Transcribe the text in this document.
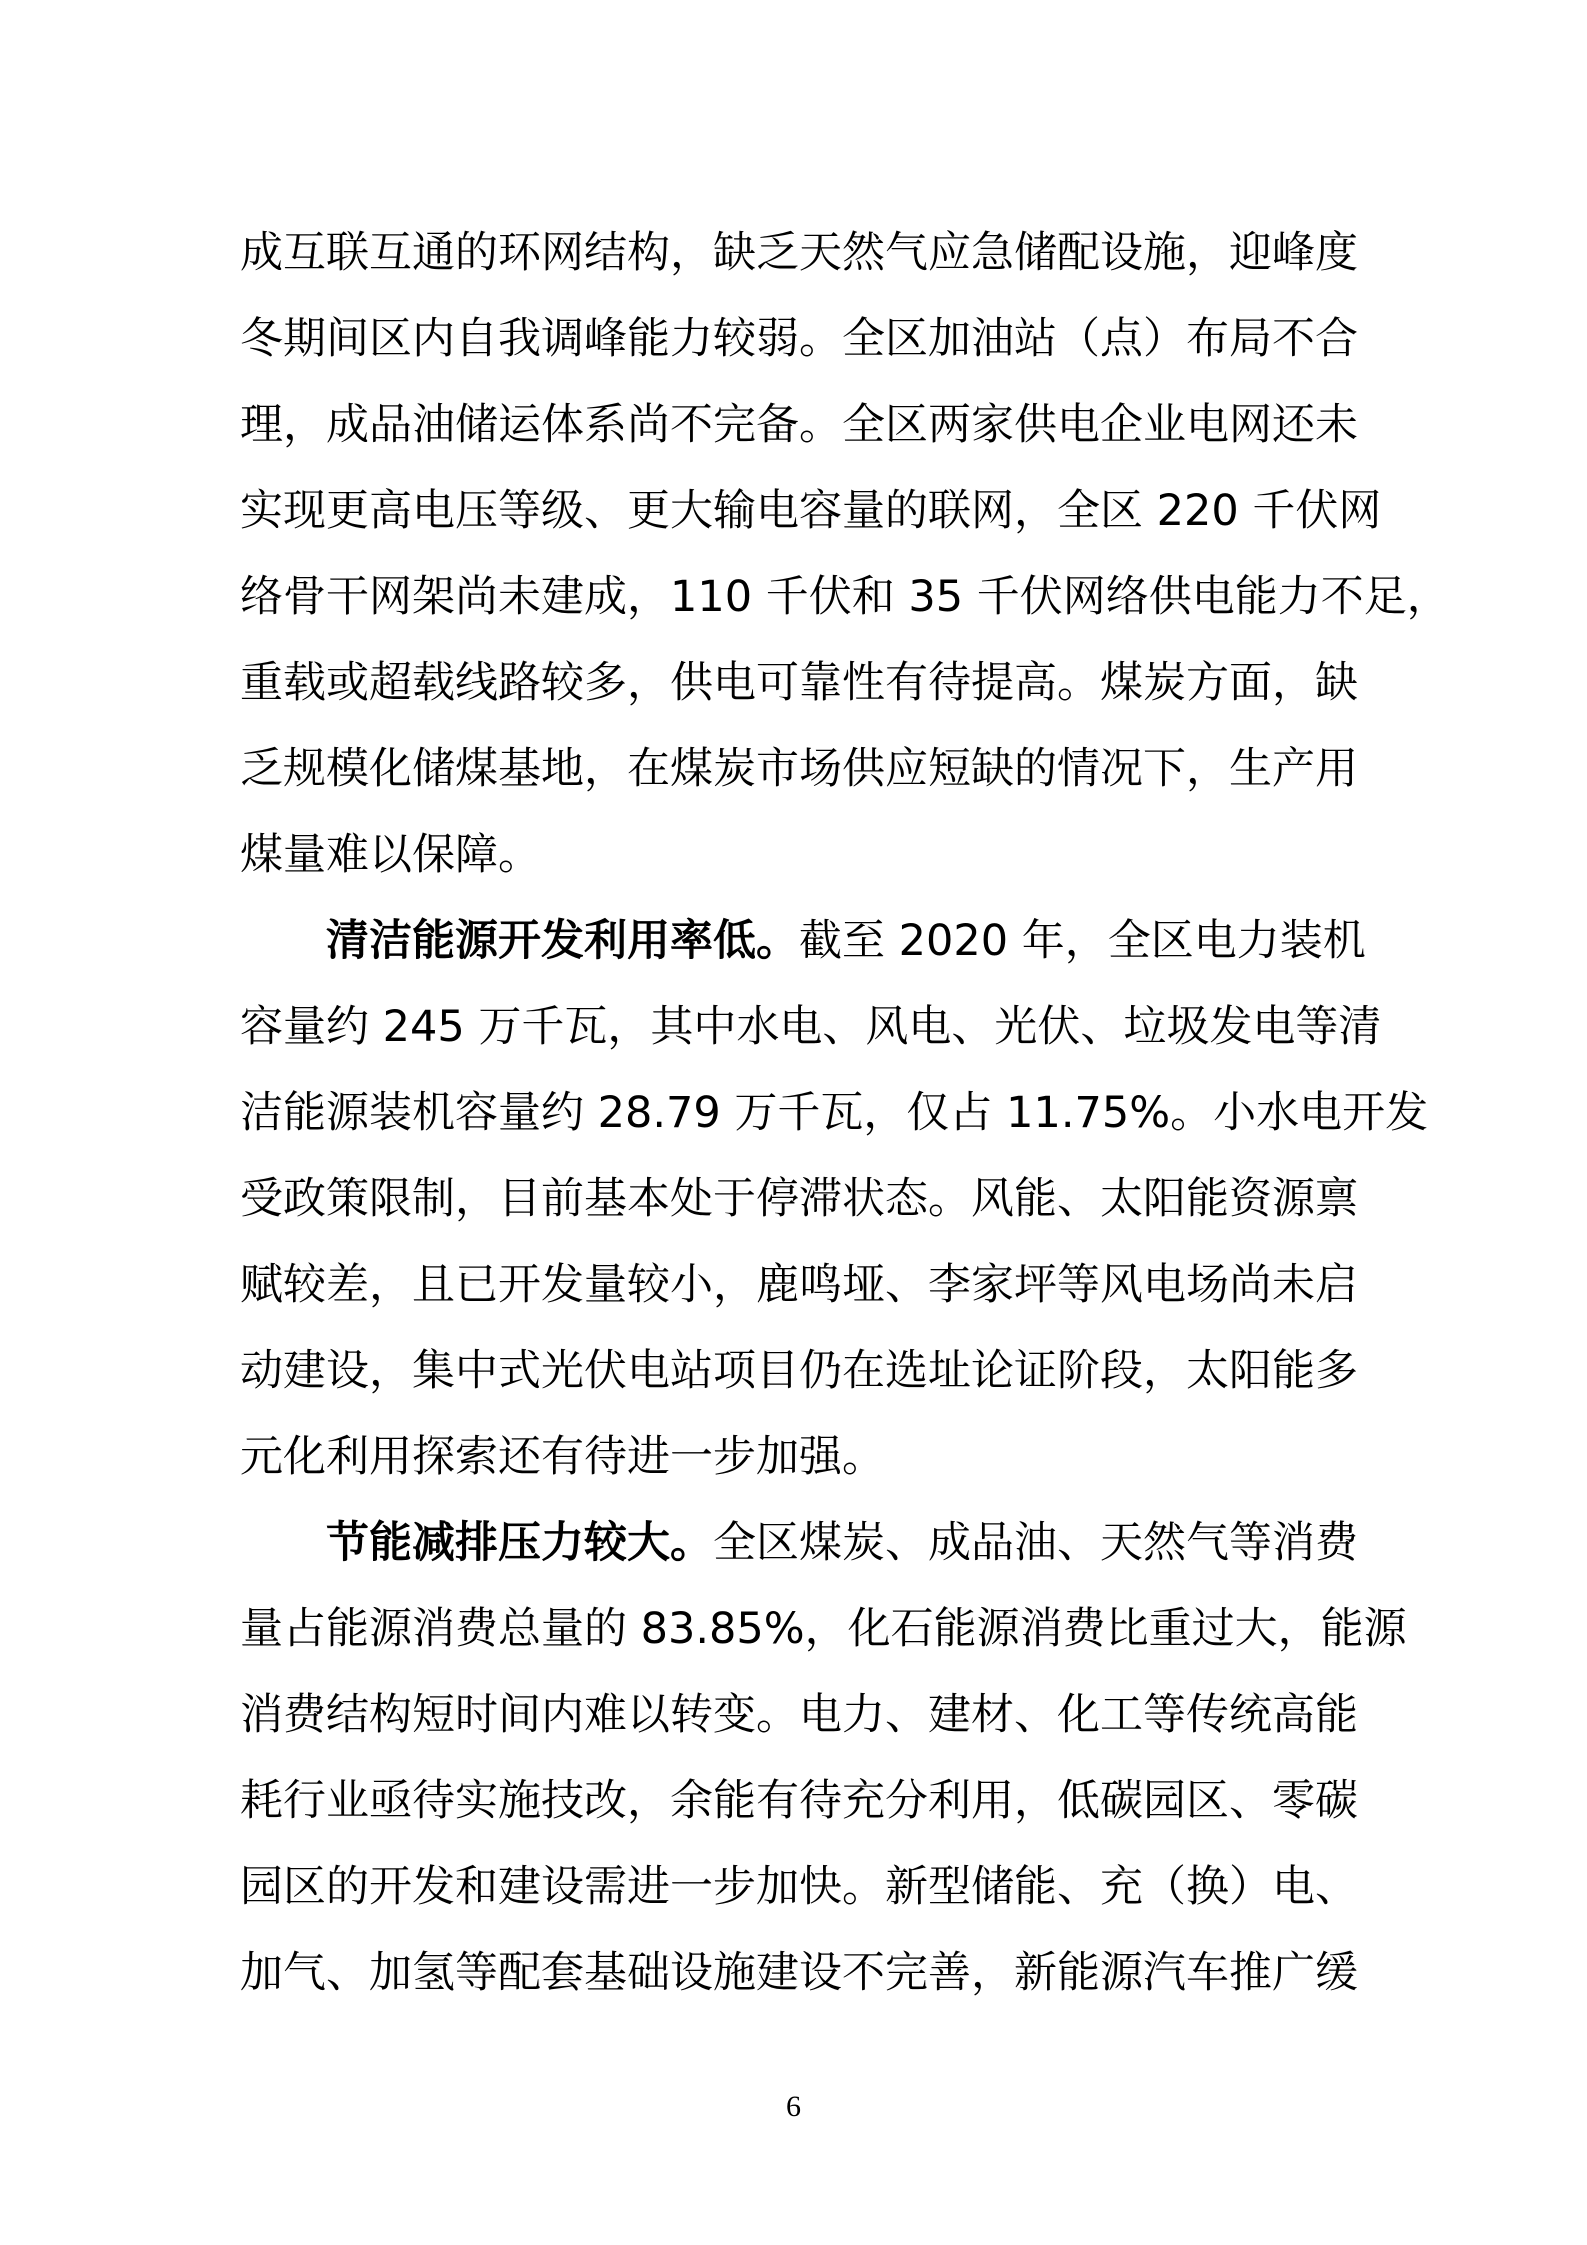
成互联互通的环网结构，缺乏天然气应急储配设施，迎峰度
冬期间区内自我调峰能力较弱。全区加油站（点）布局不合
理，成品油储运体系尚不完备。全区两家供电企业电网还未
实现更高电压等级、更大输电容量的联网，全区 220 千伏网
络骨干网架尚未建成，110 千伏和 35 千伏网络供电能力不足，
重载或超载线路较多，供电可靠性有待提高。煤炭方面，缺
乏规模化储煤基地，在煤炭市场供应短缺的情况下，生产用
煤量难以保障。
清洁能源开发利用率低。截至 2020 年，全区电力装机
容量约 245 万千瓦，其中水电、风电、光伏、垃圾发电等清
洁能源装机容量约 28.79 万千瓦，仅占 11.75%。小水电开发
受政策限制，目前基本处于停滞状态。风能、太阳能资源禀
赋较差，且已开发量较小，鹿鸣垭、李家坪等风电场尚未启
动建设，集中式光伏电站项目仍在选址论证阶段，太阳能多
元化利用探索还有待进一步加强。
节能减排压力较大。全区煤炭、成品油、天然气等消费
量占能源消费总量的 83.85%，化石能源消费比重过大，能源
消费结构短时间内难以转变。电力、建材、化工等传统高能
耗行业亟待实施技改，余能有待充分利用，低碳园区、零碳
园区的开发和建设需进一步加快。新型储能、充（换）电、
加气、加氢等配套基础设施建设不完善，新能源汽车推广缓
6
